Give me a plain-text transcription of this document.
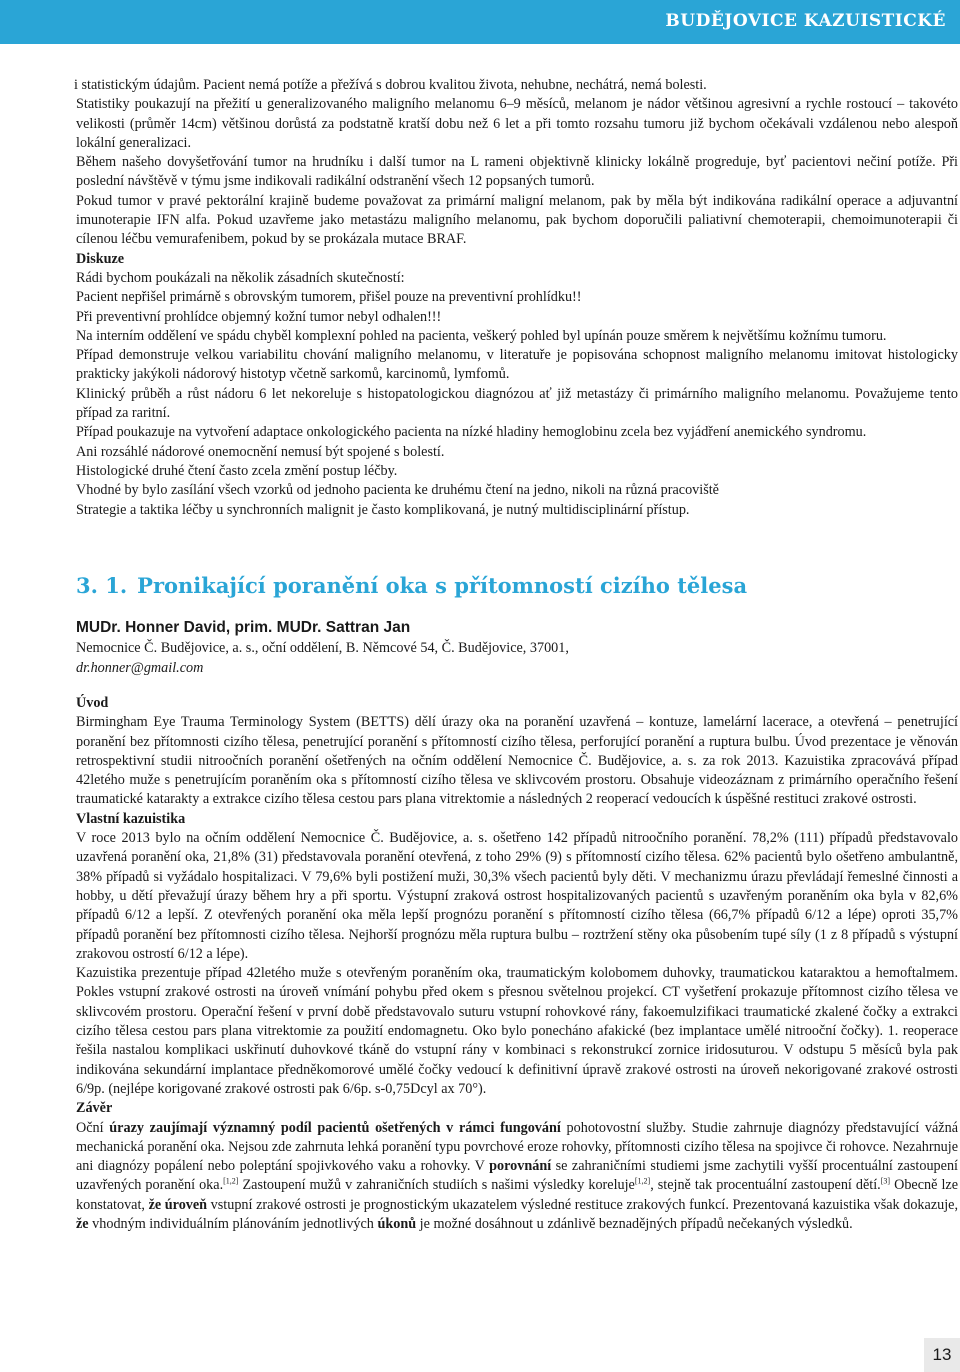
BUDĚJOVICE KAZUISTICKÉ

i statistickým údajům. Pacient nemá potíže a přežívá s dobrou kvalitou života, nehubne, nechátrá, nemá bolesti.

Statistiky poukazují na přežití u generalizovaného maligního melanomu 6–9 měsíců, melanom je nádor většinou agresivní a rychle rostoucí – takovéto velikosti (průměr 14cm) většinou dorůstá za podstatně kratší dobu než 6 let a při tomto rozsahu tumoru již bychom očekávali vzdálenou nebo alespoň lokální generalizaci.

Během našeho dovyšetřování tumor na hrudníku i další tumor na L rameni objektivně klinicky lokálně progreduje, byť pacientovi nečiní potíže. Při poslední návštěvě v týmu jsme indikovali radikální odstranění všech 12 popsaných tumorů.

Pokud tumor v pravé pektorální krajině budeme považovat za primární maligní melanom, pak by měla být indikována radikální operace a adjuvantní imunoterapie IFN alfa. Pokud uzavřeme jako metastázu maligního melanomu, pak bychom doporučili paliativní chemoterapii, chemoimunoterapii či cílenou léčbu vemurafenibem, pokud by se prokázala mutace BRAF.

Diskuze

Rádi bychom poukázali na několik zásadních skutečností:

Pacient nepřišel primárně s obrovským tumorem, přišel pouze na preventivní prohlídku!!

Při preventivní prohlídce objemný kožní tumor nebyl odhalen!!!

Na interním oddělení ve spádu chyběl komplexní pohled na pacienta, veškerý pohled byl upínán pouze směrem k největšímu kožnímu tumoru.

Případ demonstruje velkou variabilitu chování maligního melanomu, v literatuře je popisována schopnost maligního melanomu imitovat histologicky prakticky jakýkoli nádorový histotyp včetně sarkomů, karcinomů, lymfomů.

Klinický průběh a růst nádoru 6 let nekoreluje s histopatologickou diagnózou ať již metastázy či primárního maligního melanomu. Považujeme tento případ za raritní.

Případ poukazuje na vytvoření adaptace onkologického pacienta na nízké hladiny hemoglobinu zcela bez vyjádření anemického syndromu.

Ani rozsáhlé nádorové onemocnění nemusí být spojené s bolestí.

Histologické druhé čtení často zcela změní postup léčby.

Vhodné by bylo zasílání všech vzorků od jednoho pacienta ke druhému čtení na jedno, nikoli na různá pracoviště

Strategie a taktika léčby u synchronních malignit je často komplikovaná, je nutný multidisciplinární přístup.

3. 1. Pronikající poranění oka s přítomností cizího tělesa
MUDr. Honner David, prim. MUDr. Sattran Jan
Nemocnice Č. Budějovice, a. s., oční oddělení, B. Němcové 54, Č. Budějovice, 37001,
dr.honner@gmail.com

Úvod

Birmingham Eye Trauma Terminology System (BETTS) dělí úrazy oka na poranění uzavřená – kontuze, lamelární lacerace, a otevřená – penetrující poranění bez přítomnosti cizího tělesa, penetrující poranění s přítomností cizího tělesa, perforující poranění a ruptura bulbu. Úvod prezentace je věnován retrospektivní studii nitroočních poranění ošetřených na očním oddělení Nemocnice Č. Budějovice, a. s. za rok 2013. Kazuistika zpracovává případ 42letého muže s penetrujícím poraněním oka s přítomností cizího tělesa ve sklivcovém prostoru. Obsahuje videozáznam z primárního operačního řešení traumatické katarakty a extrakce cizího tělesa cestou pars plana vitrektomie a následných 2 reoperací vedoucích k úspěšné restituci zrakové ostrosti.

Vlastní kazuistika

V roce 2013 bylo na očním oddělení Nemocnice Č. Budějovice, a. s. ošetřeno 142 případů nitroočního poranění. 78,2% (111) případů představovalo uzavřená poranění oka, 21,8% (31) představovala poranění otevřená, z toho 29% (9) s přítomností cizího tělesa. 62% pacientů bylo ošetřeno ambulantně, 38% případů si vyžádalo hospitalizaci. V 79,6% byli postižení muži, 30,3% všech pacientů byly děti. V mechanizmu úrazu převládají řemeslné činnosti a hobby, u dětí převažují úrazy během hry a při sportu. Výstupní zraková ostrost hospitalizovaných pacientů s uzavřeným poraněním oka byla v 82,6% případů 6/12 a lepší. Z otevřených poranění oka měla lepší prognózu poranění s přítomností cizího tělesa (66,7% případů 6/12 a lépe) oproti 35,7% případů poranění bez přítomnosti cizího tělesa. Nejhorší prognózu měla ruptura bulbu – roztržení stěny oka působením tupé síly (1 z 8 případů s výstupní zrakovou ostrostí 6/12 a lépe).

Kazuistika prezentuje případ 42letého muže s otevřeným poraněním oka, traumatickým kolobomem duhovky, traumatickou kataraktou a hemoftalmem. Pokles vstupní zrakové ostrosti na úroveň vnímání pohybu před okem s přesnou světelnou projekcí. CT vyšetření prokazuje přítomnost cizího tělesa ve sklivcovém prostoru. Operační řešení v první době představovalo suturu vstupní rohovkové rány, fakoemulzifikaci traumatické zkalené čočky a extrakci cizího tělesa cestou pars plana vitrektomie za použití endomagnetu. Oko bylo ponecháno afakické (bez implantace umělé nitrooční čočky). 1. reoperace řešila nastalou komplikaci uskřinutí duhovkové tkáně do vstupní rány v kombinaci s rekonstrukcí zornice iridosuturou. V odstupu 5 měsíců byla pak indikována sekundární implantace předněkomorové umělé čočky vedoucí k definitivní úpravě zrakové ostrosti na úroveň nekorigované zrakové ostrosti 6/9p. (nejlépe korigované zrakové ostrosti pak 6/6p. s-0,75Dcyl ax 70°).

Závěr

Oční úrazy zaujímají významný podíl pacientů ošetřených v rámci fungování pohotovostní služby. Studie zahrnuje diagnózy představující vážná mechanická poranění oka. Nejsou zde zahrnuta lehká poranění typu povrchové eroze rohovky, přítomnosti cizího tělesa na spojivce či rohovce. Nezahrnuje ani diagnózy popálení nebo poleptání spojivkového vaku a rohovky. V porovnání se zahraničními studiemi jsme zachytili vyšší procentuální zastoupení uzavřených poranění oka.[1,2] Zastoupení mužů v zahraničních studiích s našimi výsledky koreluje[1,2], stejně tak procentuální zastoupení dětí.[3] Obecně lze konstatovat, že úroveň vstupní zrakové ostrosti je prognostickým ukazatelem výsledné restituce zrakových funkcí. Prezentovaná kazuistika však dokazuje, že vhodným individuálním plánováním jednotlivých úkonů je možné dosáhnout u zdánlivě beznadějných případů nečekaných výsledků.

13
